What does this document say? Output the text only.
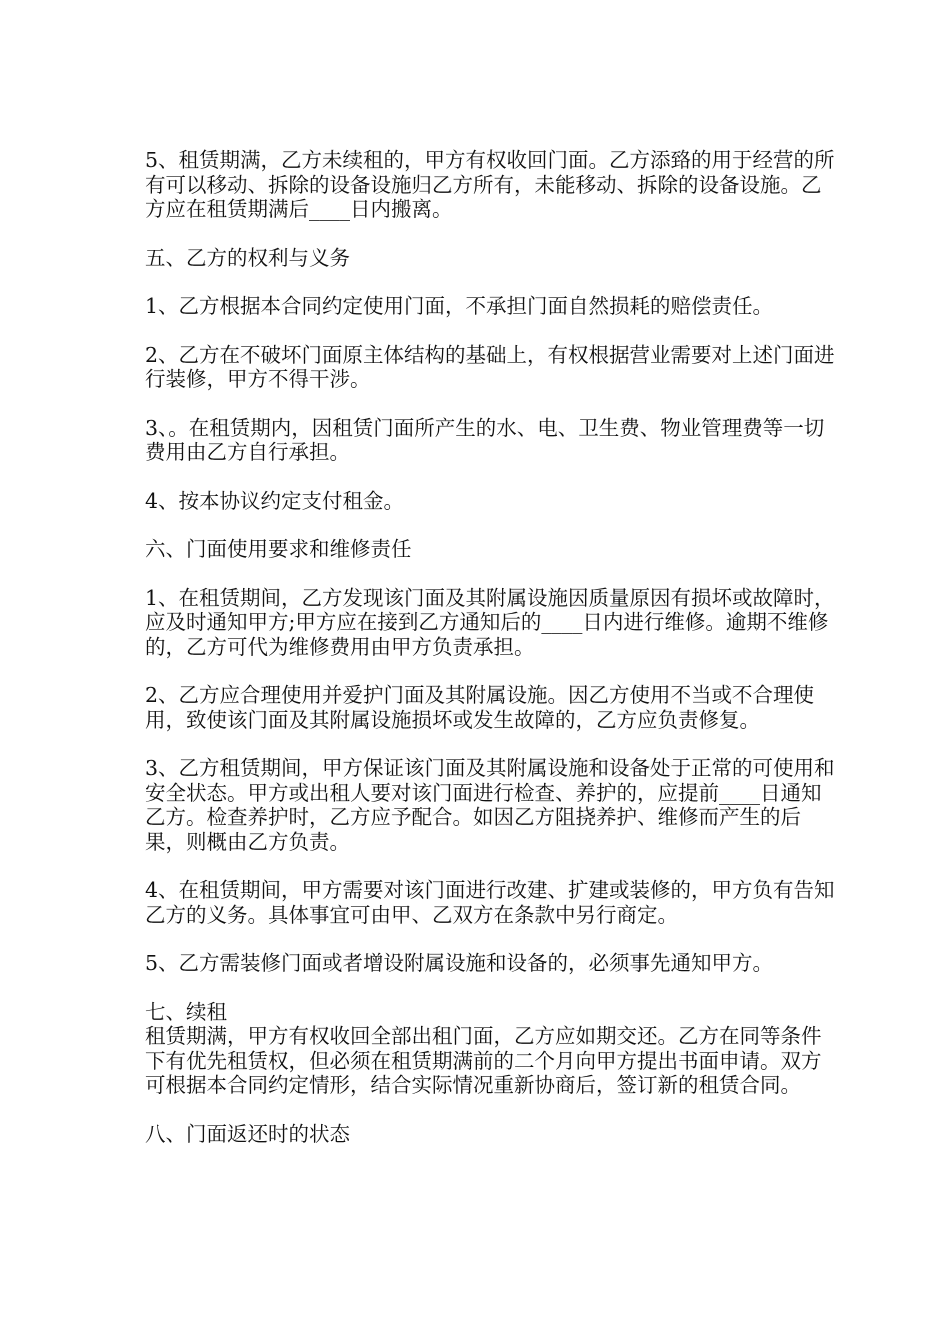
5、租赁期满，乙方未续租的，甲方有权收回门面。乙方添臵的用于经营的所有可以移动、拆除的设备设施归乙方所有，未能移动、拆除的设备设施。乙方应在租赁期满后____日内搬离。

五、乙方的权利与义务

1、乙方根据本合同约定使用门面，不承担门面自然损耗的赔偿责任。

2、乙方在不破坏门面原主体结构的基础上，有权根据营业需要对上述门面进行装修，甲方不得干涉。

3、。在租赁期内，因租赁门面所产生的水、电、卫生费、物业管理费等一切费用由乙方自行承担。

4、按本协议约定支付租金。

六、门面使用要求和维修责任

1、在租赁期间，乙方发现该门面及其附属设施因质量原因有损坏或故障时，应及时通知甲方;甲方应在接到乙方通知后的____日内进行维修。逾期不维修的，乙方可代为维修费用由甲方负责承担。

2、乙方应合理使用并爱护门面及其附属设施。因乙方使用不当或不合理使用，致使该门面及其附属设施损坏或发生故障的，乙方应负责修复。

3、乙方租赁期间，甲方保证该门面及其附属设施和设备处于正常的可使用和安全状态。甲方或出租人要对该门面进行检查、养护的，应提前____日通知乙方。检查养护时，乙方应予配合。如因乙方阻挠养护、维修而产生的后果，则概由乙方负责。

4、在租赁期间，甲方需要对该门面进行改建、扩建或装修的，甲方负有告知乙方的义务。具体事宜可由甲、乙双方在条款中另行商定。

5、乙方需装修门面或者增设附属设施和设备的，必须事先通知甲方。

七、续租

租赁期满，甲方有权收回全部出租门面，乙方应如期交还。乙方在同等条件下有优先租赁权，但必须在租赁期满前的二个月向甲方提出书面申请。双方可根据本合同约定情形，结合实际情况重新协商后，签订新的租赁合同。

八、门面返还时的状态
